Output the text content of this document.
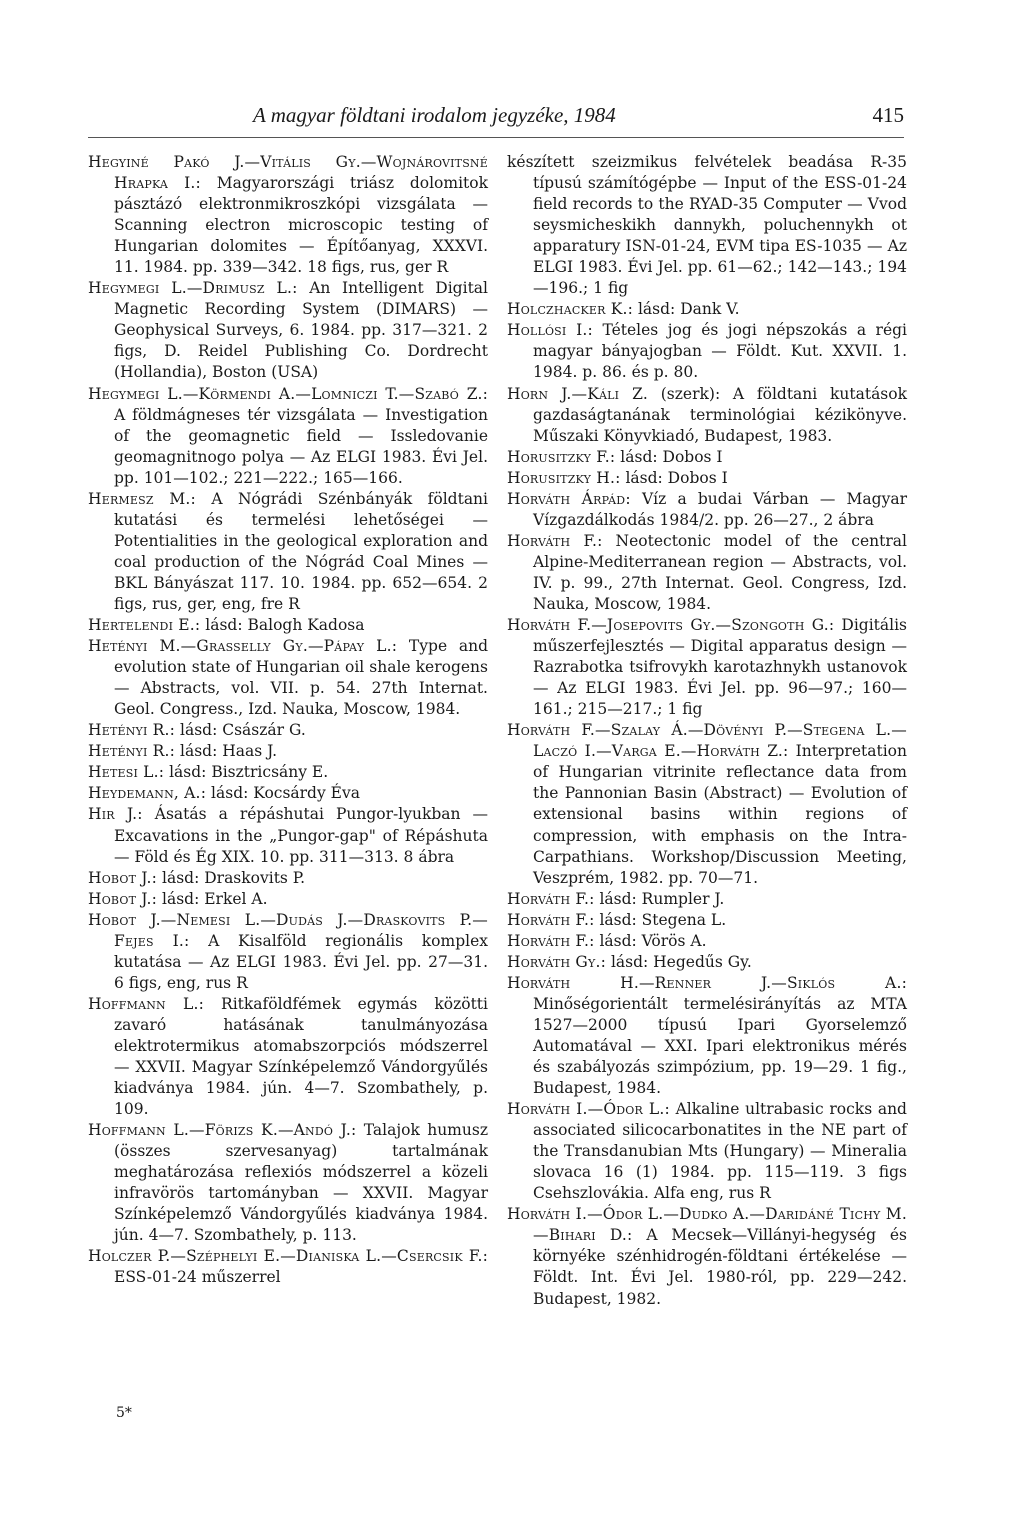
A magyar földtani irodalom jegyzéke, 1984	415

Hegyiné Pakó J.—Vitális Gy.—Wojnárovitsné Hrapka I.: Magyarországi triász dolomitok pásztázó elektronmikroszkópi vizsgálata — Scanning electron microscopic testing of Hungarian dolomites — Építőanyag, XXXVI. 11. 1984. pp. 339—342. 18 figs, rus, ger R

Hegymegi L.—Drimusz L.: An Intelligent Digital Magnetic Recording System (DIMARS) — Geophysical Surveys, 6. 1984. pp. 317—321. 2 figs, D. Reidel Publishing Co. Dordrecht (Hollandia), Boston (USA)

Hegymegi L.—Körmendi A.—Lomniczi T.—Szabó Z.: A földmágneses tér vizsgálata — Investigation of the geomagnetic field — Issledovanie geomagnitnogo polya — Az ELGI 1983. Évi Jel. pp. 101—102.; 221—222.; 165—166.

Hermesz M.: A Nógrádi Szénbányák földtani kutatási és termelési lehetőségei — Potentialities in the geological exploration and coal production of the Nógrád Coal Mines — BKL Bányászat 117. 10. 1984. pp. 652—654. 2 figs, rus, ger, eng, fre R

Hertelendi E.: lásd: Balogh Kadosa

Hetényi M.—Grasselly Gy.—Pápay L.: Type and evolution state of Hungarian oil shale kerogens — Abstracts, vol. VII. p. 54. 27th Internat. Geol. Congress., Izd. Nauka, Moscow, 1984.

Hetényi R.: lásd: Császár G.

Hetényi R.: lásd: Haas J.

Hetesi L.: lásd: Bisztricsány E.

Heydemann, A.: lásd: Kocsárdy Éva

Hir J.: Ásatás a répáshutai Pungor-lyukban — Excavations in the „Pungor-gap" of Répáshuta — Föld és Ég XIX. 10. pp. 311—313. 8 ábra

Hobot J.: lásd: Draskovits P.

Hobot J.: lásd: Erkel A.

Hobot J.—Nemesi L.—Dudás J.—Draskovits P.—Fejes I.: A Kisalföld regionális komplex kutatása — Az ELGI 1983. Évi Jel. pp. 27—31. 6 figs, eng, rus R

Hoffmann L.: Ritkaföldfémek egymás közötti zavaró hatásának tanulmányozása elektrotermikus atomabszorpciós módszerrel — XXVII. Magyar Színképelemző Vándorgyűlés kiadványa 1984. jún. 4—7. Szombathely, p. 109.

Hoffmann L.—Förizs K.—Andó J.: Talajok humusz (összes szervesanyag) tartalmának meghatározása reflexiós módszerrel a közeli infravörös tartományban — XXVII. Magyar Színképelemző Vándorgyűlés kiadványa 1984. jún. 4—7. Szombathely, p. 113.

Holczer P.—Széphelyi E.—Dianiska L.—Csercsik F.: ESS-01-24 műszerrel

készített szeizmikus felvételek beadása R-35 típusú számítógépbe — Input of the ESS-01-24 field records to the RYAD-35 Computer — Vvod seysmicheskikh dannykh, poluchennykh ot apparatury ISN-01-24, EVM tipa ES-1035 — Az ELGI 1983. Évi Jel. pp. 61—62.; 142—143.; 194—196.; 1 fig

Holczhacker K.: lásd: Dank V.

Hollósi I.: Tételes jog és jogi népszokás a régi magyar bányajogban — Földt. Kut. XXVII. 1. 1984. p. 86. és p. 80.

Horn J.—Káli Z. (szerk): A földtani kutatások gazdaságtanának terminológiai kézikönyve. Műszaki Könyvkiadó, Budapest, 1983.

Horusitzky F.: lásd: Dobos I

Horusitzky H.: lásd: Dobos I

Horváth Árpád: Víz a budai Várban — Magyar Vízgazdálkodás 1984/2. pp. 26—27., 2 ábra

Horváth F.: Neotectonic model of the central Alpine-Mediterranean region — Abstracts, vol. IV. p. 99., 27th Internat. Geol. Congress, Izd. Nauka, Moscow, 1984.

Horváth F.—Josepovits Gy.—Szongoth G.: Digitális műszerfejlesztés — Digital apparatus design — Razrabotka tsifrovykh karotazhnykh ustanovok — Az ELGI 1983. Évi Jel. pp. 96—97.; 160—161.; 215—217.; 1 fig

Horváth F.—Szalay Á.—Dövényi P.—Stegena L.—Laczó I.—Varga E.—Horváth Z.: Interpretation of Hungarian vitrinite reflectance data from the Pannonian Basin (Abstract) — Evolution of extensional basins within regions of compression, with emphasis on the Intra-Carpathians. Workshop/Discussion Meeting, Veszprém, 1982. pp. 70—71.

Horváth F.: lásd: Rumpler J.

Horváth F.: lásd: Stegena L.

Horváth F.: lásd: Vörös A.

Horváth Gy.: lásd: Hegedűs Gy.

Horváth H.—Renner J.—Siklós A.: Minőségorientált termelésirányítás az MTA 1527—2000 típusú Ipari Gyorselemző Automatával — XXI. Ipari elektronikus mérés és szabályozás szimpózium, pp. 19—29. 1 fig., Budapest, 1984.

Horváth I.—Ódor L.: Alkaline ultrabasic rocks and associated silicocarbonatites in the NE part of the Transdanubian Mts (Hungary) — Mineralia slovaca 16 (1) 1984. pp. 115—119. 3 figs Csehszlovákia. Alfa eng, rus R

Horváth I.—Ódor L.—Dudko A.—Daridáné Tichy M.—Bihari D.: A Mecsek—Villányi-hegység és környéke szénhidrogén-földtani értékelése — Földt. Int. Évi Jel. 1980-ról, pp. 229—242. Budapest, 1982.

5*
